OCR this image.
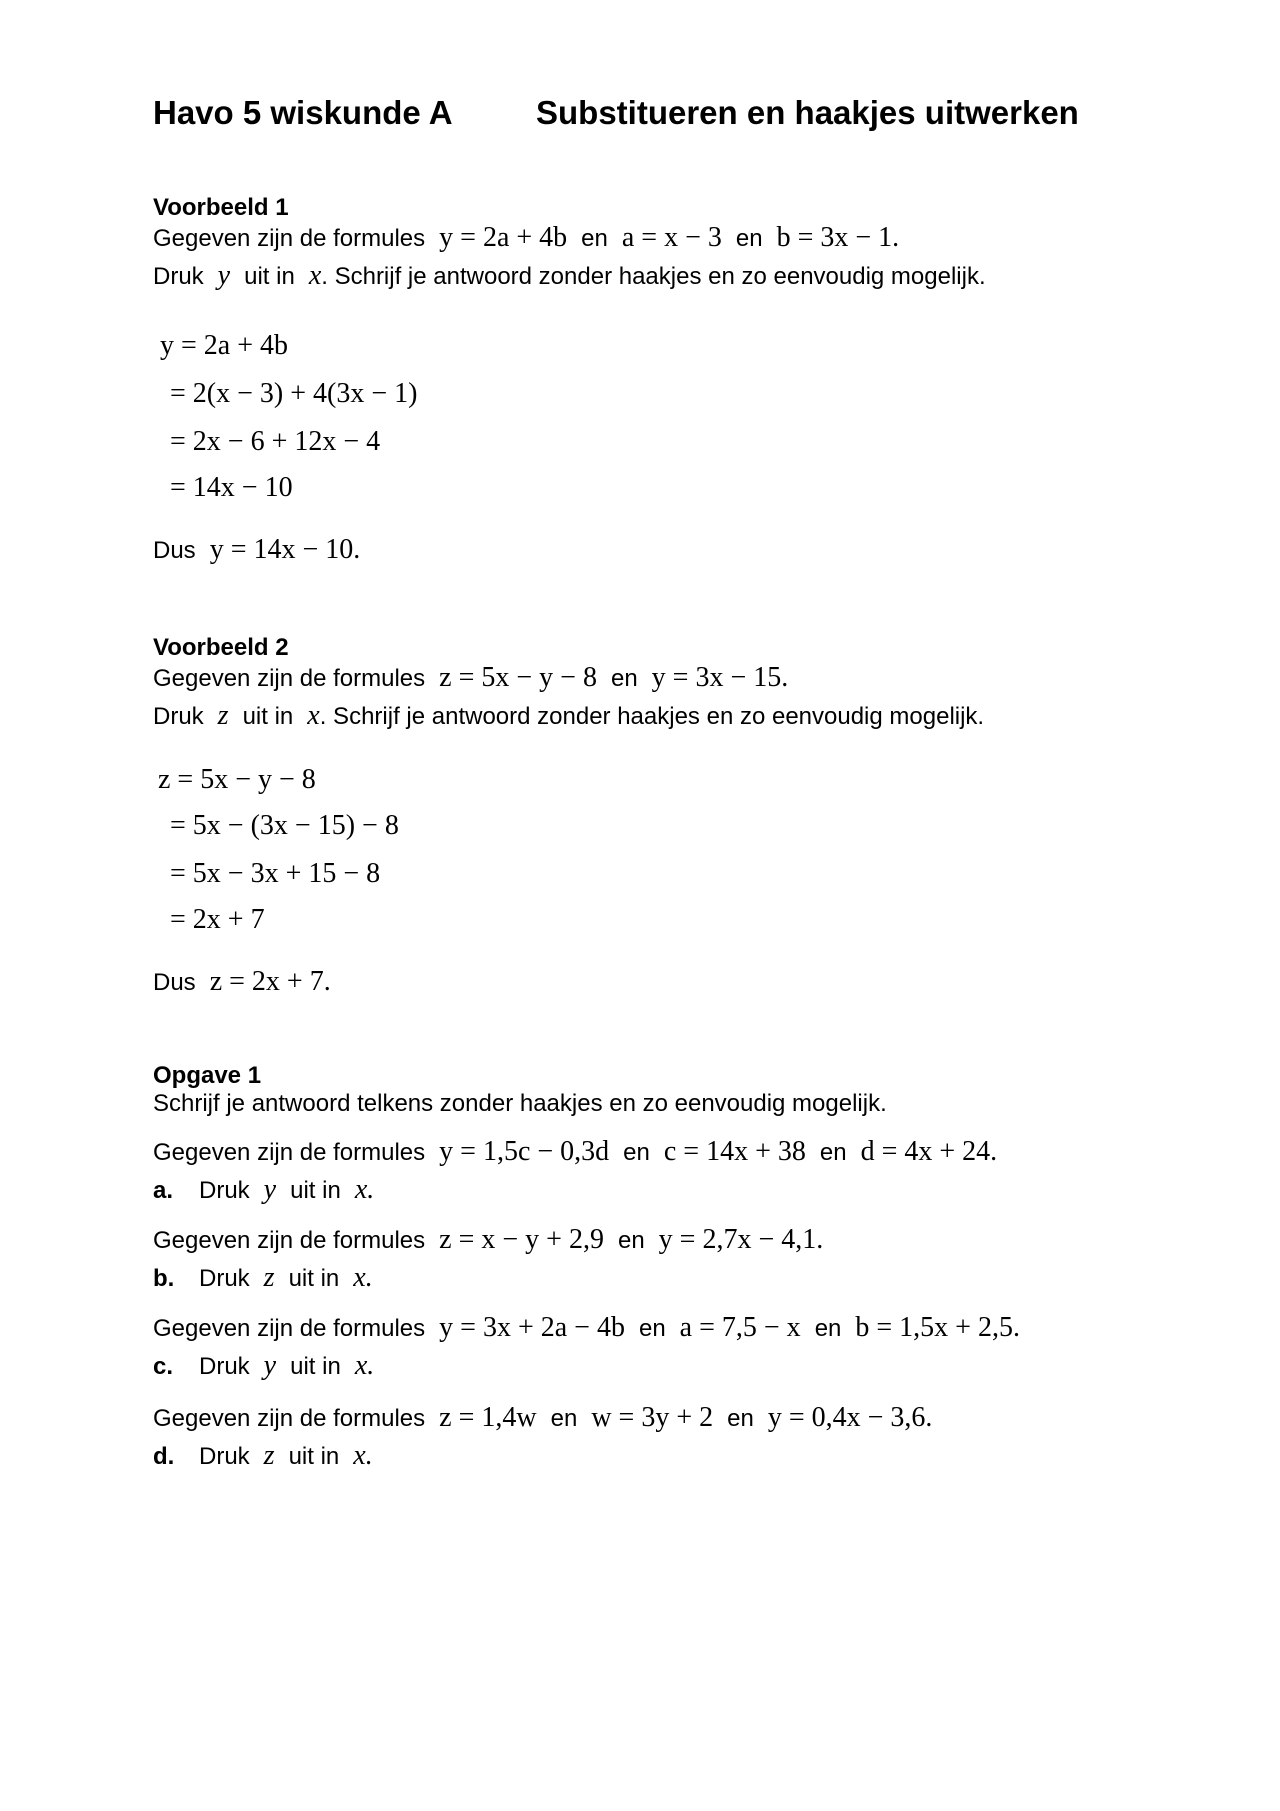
Havo 5 wiskunde A	Substitueren en haakjes uitwerken
Voorbeeld 1
Gegeven zijn de formules y = 2a + 4b en a = x − 3 en b = 3x − 1.
Druk y uit in x . Schrijf je antwoord zonder haakjes en zo eenvoudig mogelijk.
y = 2a + 4b
= 2(x − 3) + 4(3x − 1)
= 2x − 6 + 12x − 4
= 14x − 10
Dus y = 14x − 10.
Voorbeeld 2
Gegeven zijn de formules z = 5x − y − 8 en y = 3x − 15.
Druk z uit in x . Schrijf je antwoord zonder haakjes en zo eenvoudig mogelijk.
z = 5x − y − 8
= 5x − (3x − 15) − 8
= 5x − 3x + 15 − 8
= 2x + 7
Dus z = 2x + 7.
Opgave 1
Schrijf je antwoord telkens zonder haakjes en zo eenvoudig mogelijk.
Gegeven zijn de formules y = 1,5c − 0,3d en c = 14x + 38 en d = 4x + 24.
a.	Druk y uit in x.
Gegeven zijn de formules z = x − y + 2,9 en y = 2,7x − 4,1.
b.	Druk z uit in x.
Gegeven zijn de formules y = 3x + 2a − 4b en a = 7,5 − x en b = 1,5x + 2,5.
c.	Druk y uit in x.
Gegeven zijn de formules z = 1,4w en w = 3y + 2 en y = 0,4x − 3,6.
d.	Druk z uit in x.
